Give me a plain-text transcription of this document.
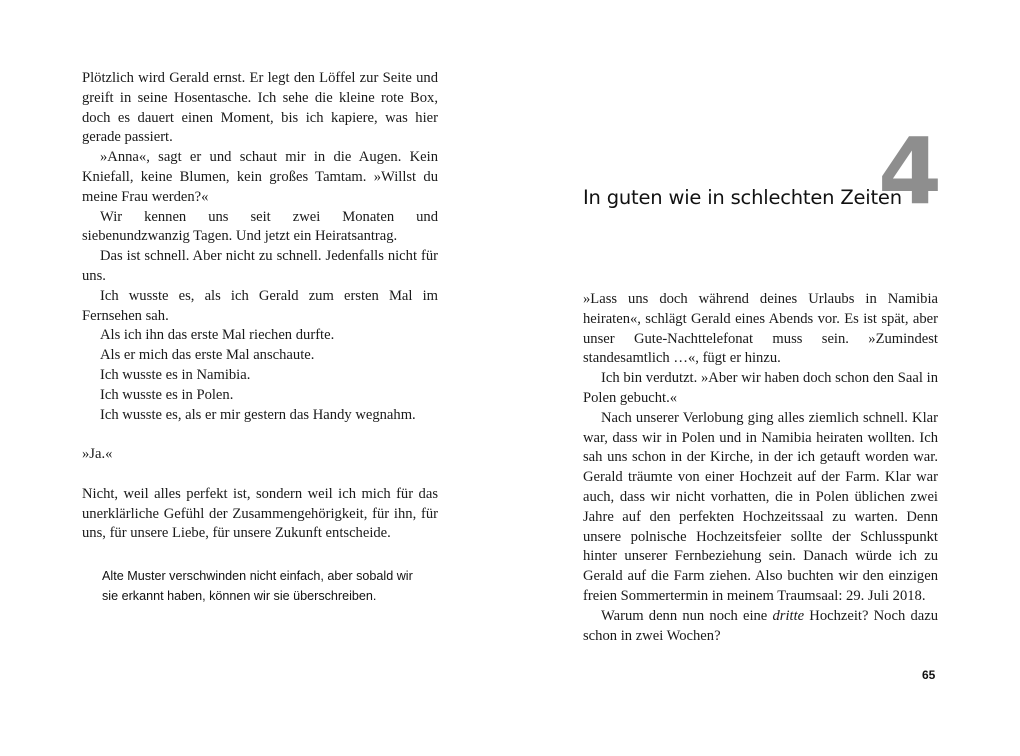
Plötzlich wird Gerald ernst. Er legt den Löffel zur Seite und greift in seine Hosentasche. Ich sehe die kleine rote Box, doch es dauert einen Moment, bis ich kapiere, was hier gerade passiert.

»Anna«, sagt er und schaut mir in die Augen. Kein Kniefall, keine Blumen, kein großes Tamtam. »Willst du meine Frau werden?«

Wir kennen uns seit zwei Monaten und siebenundzwanzig Tagen. Und jetzt ein Heiratsantrag.

Das ist schnell. Aber nicht zu schnell. Jedenfalls nicht für uns.

Ich wusste es, als ich Gerald zum ersten Mal im Fernsehen sah.

Als ich ihn das erste Mal riechen durfte.

Als er mich das erste Mal anschaute.

Ich wusste es in Namibia.

Ich wusste es in Polen.

Ich wusste es, als er mir gestern das Handy wegnahm.

»Ja.«

Nicht, weil alles perfekt ist, sondern weil ich mich für das unerklärliche Gefühl der Zusammengehörigkeit, für ihn, für uns, für unsere Liebe, für unsere Zukunft entscheide.

Alte Muster verschwinden nicht einfach, aber sobald wir
sie erkannt haben, können wir sie überschreiben.
In guten wie in schlechten Zeiten
4

»Lass uns doch während deines Urlaubs in Namibia heiraten«, schlägt Gerald eines Abends vor. Es ist spät, aber unser Gute-Nachttelefonat muss sein. »Zumindest standesamtlich …«, fügt er hinzu.

Ich bin verdutzt. »Aber wir haben doch schon den Saal in Polen gebucht.«

Nach unserer Verlobung ging alles ziemlich schnell. Klar war, dass wir in Polen und in Namibia heiraten wollten. Ich sah uns schon in der Kirche, in der ich getauft worden war. Gerald träumte von einer Hochzeit auf der Farm. Klar war auch, dass wir nicht vorhatten, die in Polen üblichen zwei Jahre auf den perfekten Hochzeitssaal zu warten. Denn unsere polnische Hochzeitsfeier sollte der Schlusspunkt hinter unserer Fernbeziehung sein. Danach würde ich zu Gerald auf die Farm ziehen. Also buchten wir den einzigen freien Sommertermin in meinem Traumsaal: 29. Juli 2018.

Warum denn nun noch eine dritte Hochzeit? Noch dazu schon in zwei Wochen?

65
